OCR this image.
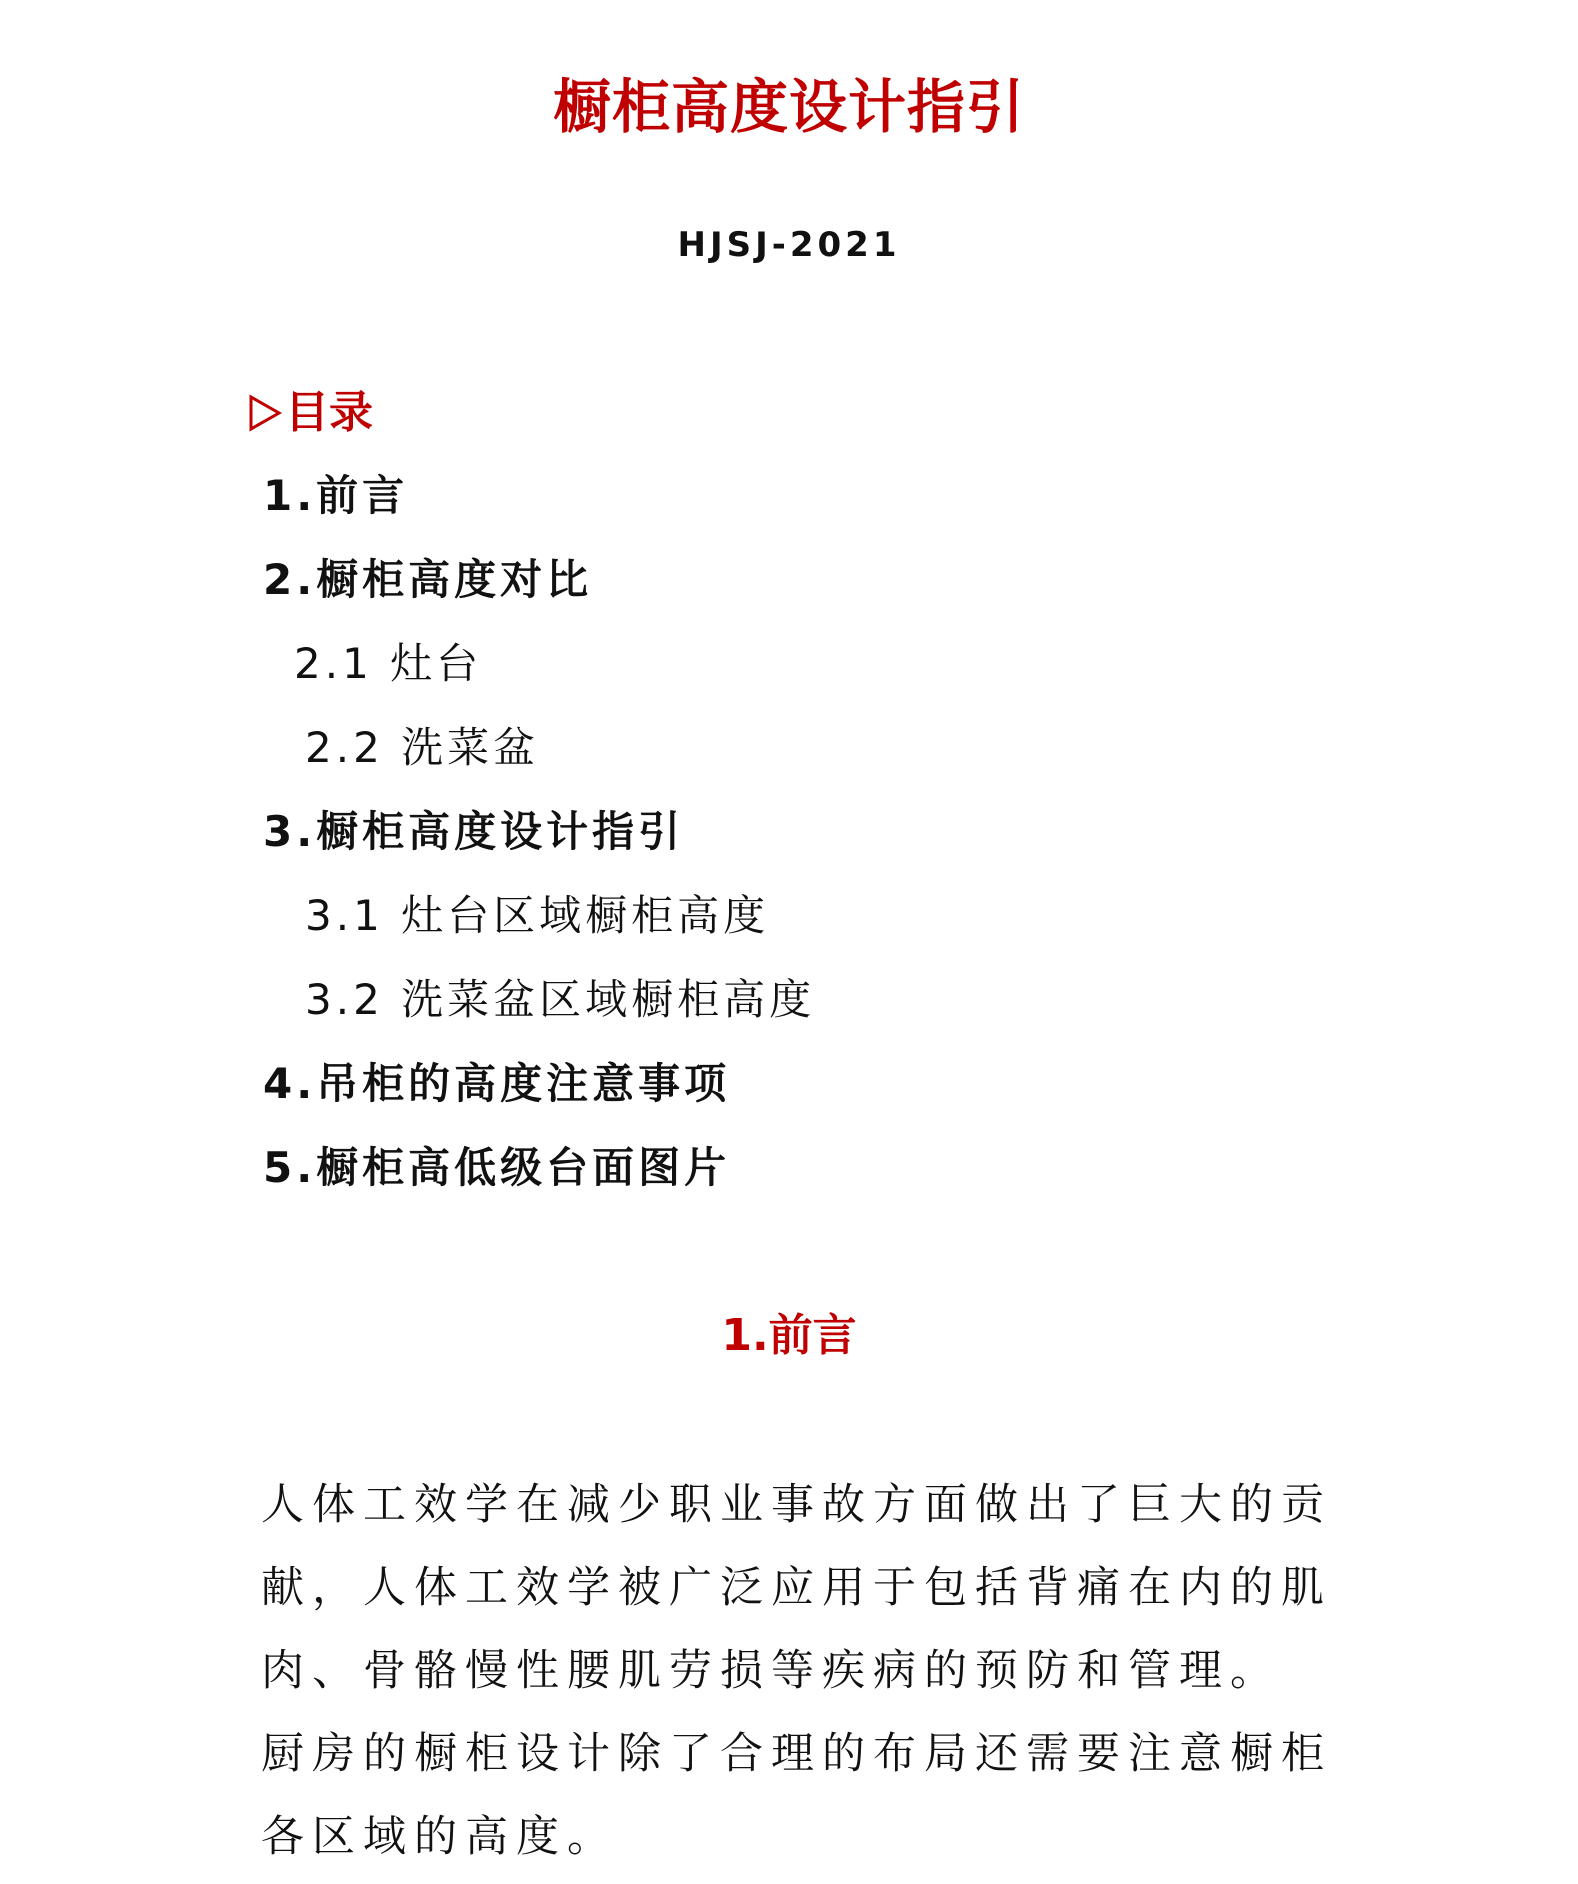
橱柜高度设计指引
HJSJ-2021
目录
1.前言
2.橱柜高度对比
2.1 灶台
2.2 洗菜盆
3.橱柜高度设计指引
3.1 灶台区域橱柜高度
3.2 洗菜盆区域橱柜高度
4.吊柜的高度注意事项
5.橱柜高低级台面图片
1.前言
人体工效学在减少职业事故方面做出了巨大的贡
献，人体工效学被广泛应用于包括背痛在内的肌
肉、骨骼慢性腰肌劳损等疾病的预防和管理。
厨房的橱柜设计除了合理的布局还需要注意橱柜
各区域的高度。
